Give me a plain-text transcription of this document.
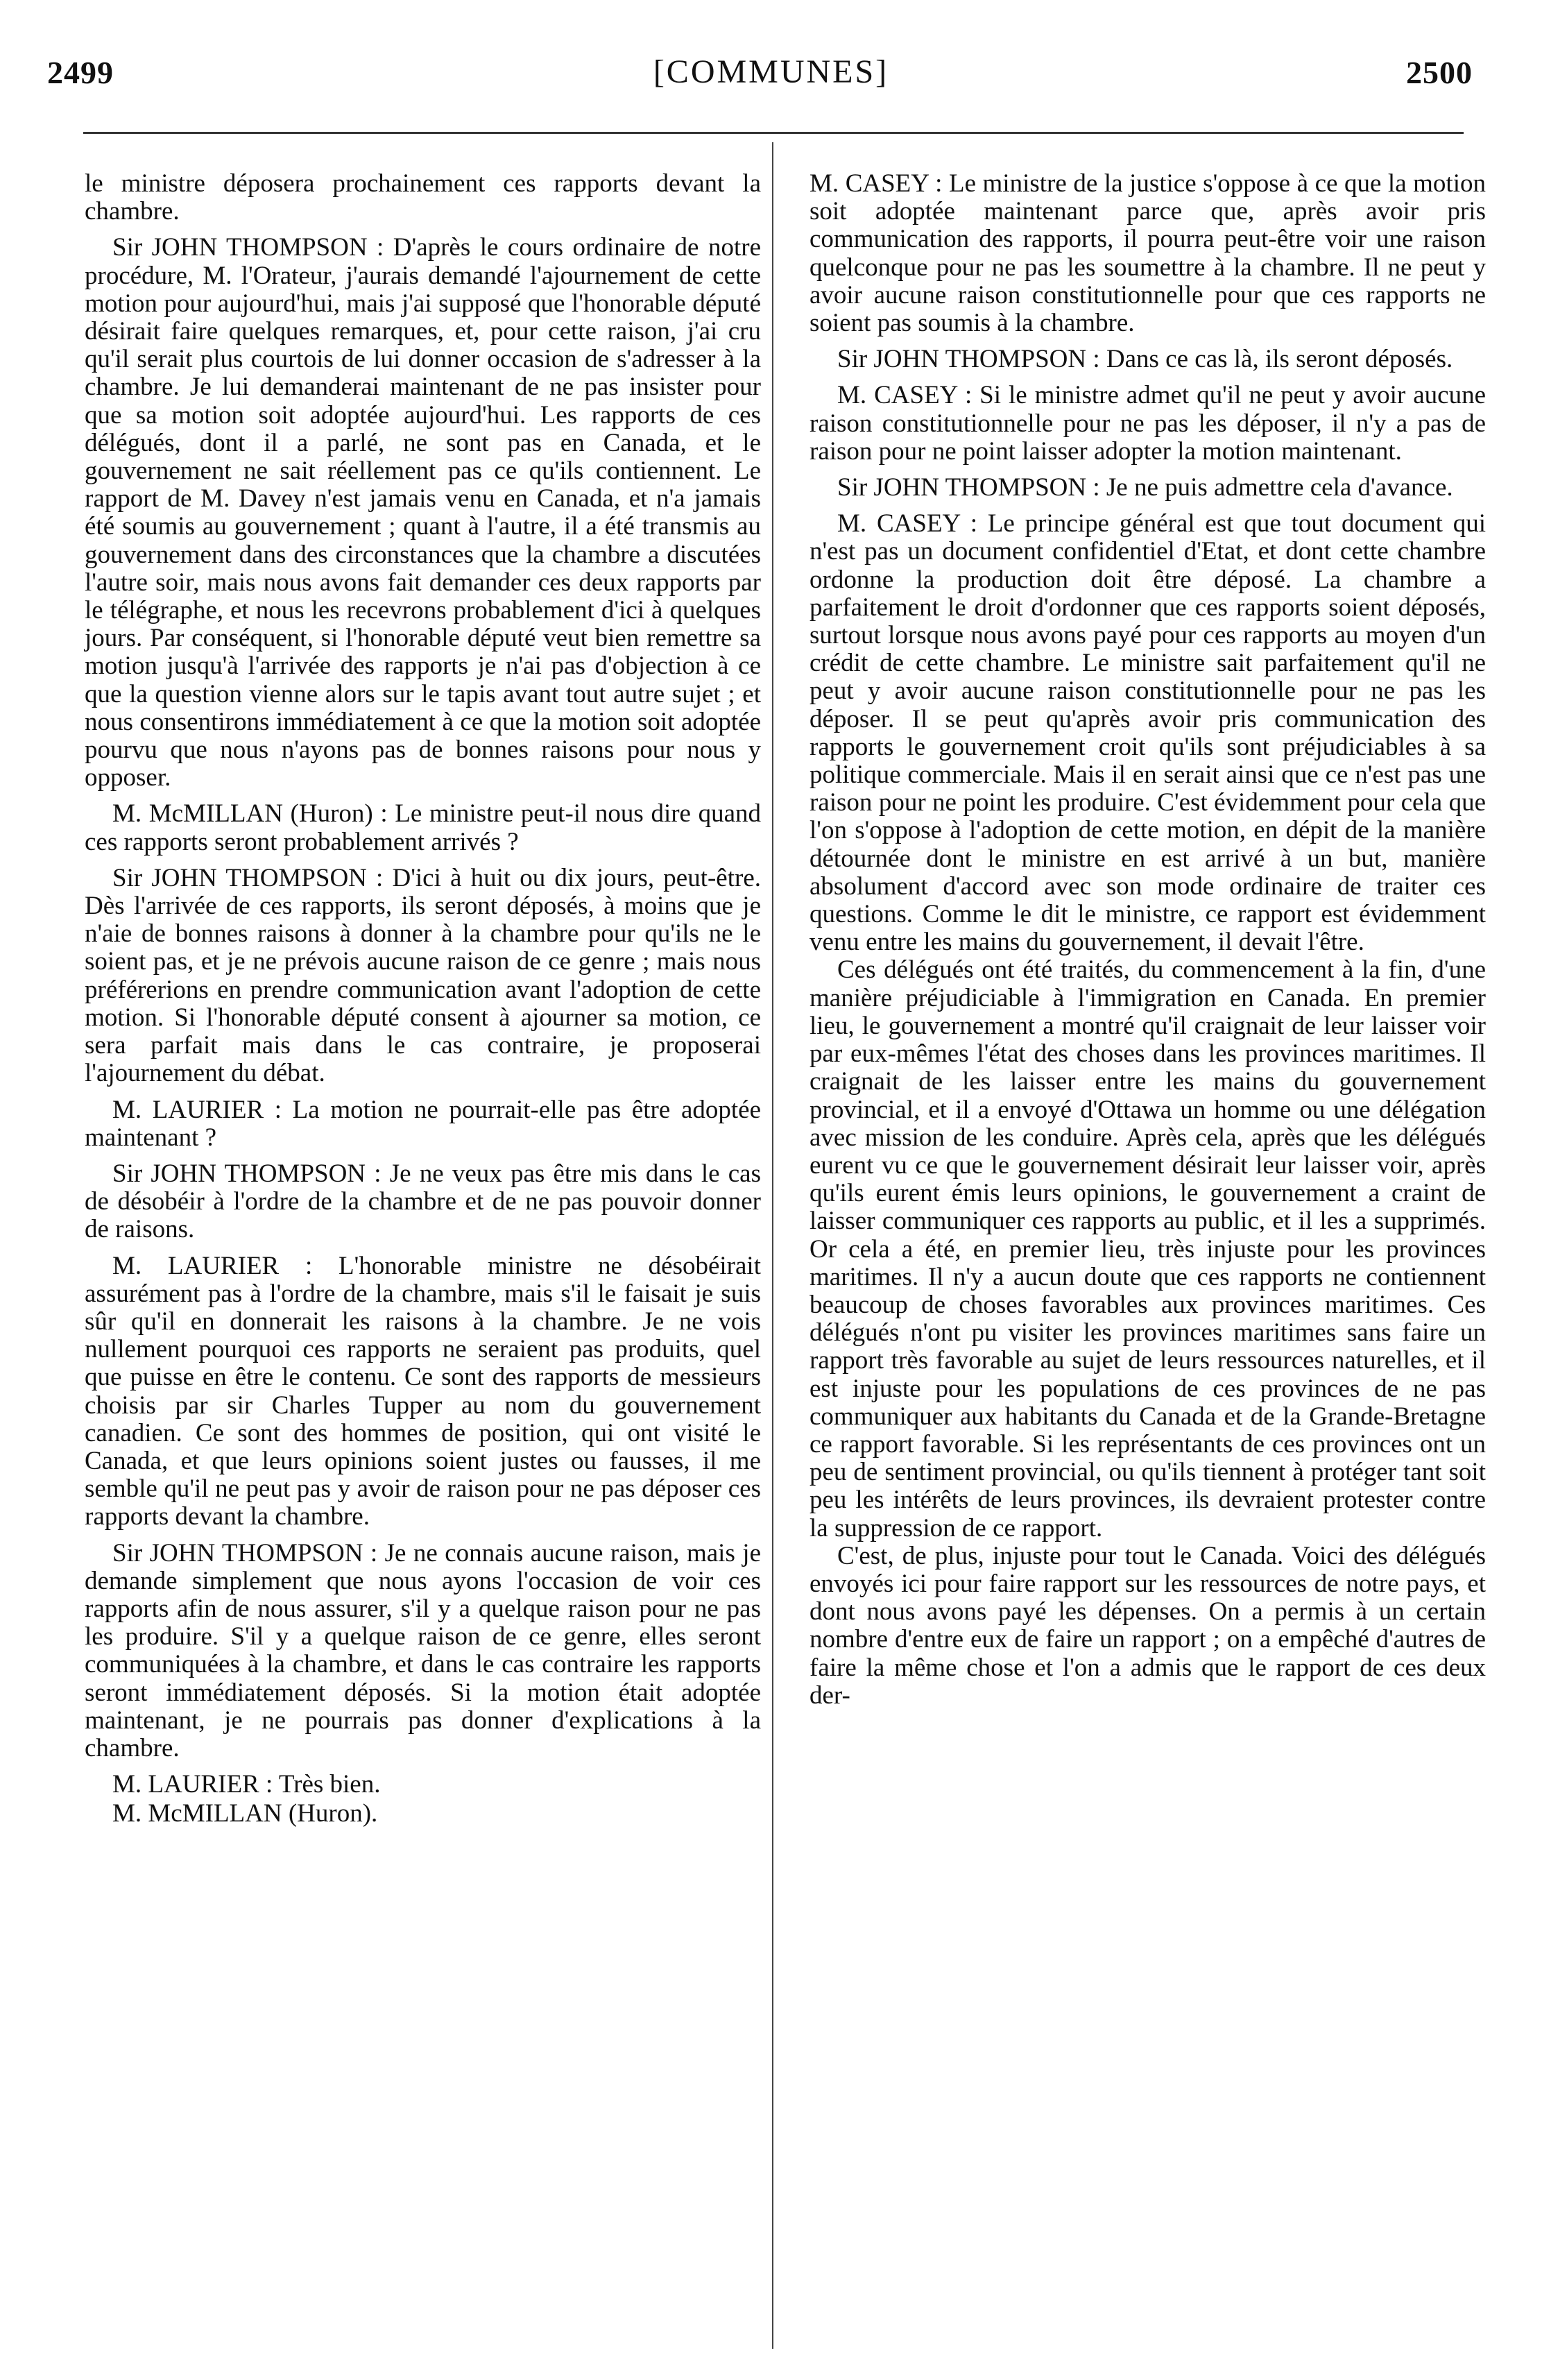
2499	[COMMUNES]	2500

le ministre déposera prochainement ces rapports devant la chambre.

Sir JOHN THOMPSON : D'après le cours ordinaire de notre procédure, M. l'Orateur, j'aurais demandé l'ajournement de cette motion pour aujourd'hui, mais j'ai supposé que l'honorable député désirait faire quelques remarques, et, pour cette raison, j'ai cru qu'il serait plus courtois de lui donner occasion de s'adresser à la chambre. Je lui demanderai maintenant de ne pas insister pour que sa motion soit adoptée aujourd'hui. Les rapports de ces délégués, dont il a parlé, ne sont pas en Canada, et le gouvernement ne sait réellement pas ce qu'ils contiennent. Le rapport de M. Davey n'est jamais venu en Canada, et n'a jamais été soumis au gouvernement ; quant à l'autre, il a été transmis au gouvernement dans des circonstances que la chambre a discutées l'autre soir, mais nous avons fait demander ces deux rapports par le télégraphe, et nous les recevrons probablement d'ici à quelques jours. Par conséquent, si l'honorable député veut bien remettre sa motion jusqu'à l'arrivée des rapports je n'ai pas d'objection à ce que la question vienne alors sur le tapis avant tout autre sujet ; et nous consentirons immédiatement à ce que la motion soit adoptée pourvu que nous n'ayons pas de bonnes raisons pour nous y opposer.

M. McMILLAN (Huron) : Le ministre peut-il nous dire quand ces rapports seront probablement arrivés ?

Sir JOHN THOMPSON : D'ici à huit ou dix jours, peut-être. Dès l'arrivée de ces rapports, ils seront déposés, à moins que je n'aie de bonnes raisons à donner à la chambre pour qu'ils ne le soient pas, et je ne prévois aucune raison de ce genre ; mais nous préférerions en prendre communication avant l'adoption de cette motion. Si l'honorable député consent à ajourner sa motion, ce sera parfait mais dans le cas contraire, je proposerai l'ajournement du débat.

M. LAURIER : La motion ne pourrait-elle pas être adoptée maintenant ?

Sir JOHN THOMPSON : Je ne veux pas être mis dans le cas de désobéir à l'ordre de la chambre et de ne pas pouvoir donner de raisons.

M. LAURIER : L'honorable ministre ne désobéirait assurément pas à l'ordre de la chambre, mais s'il le faisait je suis sûr qu'il en donnerait les raisons à la chambre. Je ne vois nullement pourquoi ces rapports ne seraient pas produits, quel que puisse en être le contenu. Ce sont des rapports de messieurs choisis par sir Charles Tupper au nom du gouvernement canadien. Ce sont des hommes de position, qui ont visité le Canada, et que leurs opinions soient justes ou fausses, il me semble qu'il ne peut pas y avoir de raison pour ne pas déposer ces rapports devant la chambre.

Sir JOHN THOMPSON : Je ne connais aucune raison, mais je demande simplement que nous ayons l'occasion de voir ces rapports afin de nous assurer, s'il y a quelque raison pour ne pas les produire. S'il y a quelque raison de ce genre, elles seront communiquées à la chambre, et dans le cas contraire les rapports seront immédiatement déposés. Si la motion était adoptée maintenant, je ne pourrais pas donner d'explications à la chambre.

M. LAURIER : Très bien.

M. McMILLAN (Huron).

M. CASEY : Le ministre de la justice s'oppose à ce que la motion soit adoptée maintenant parce que, après avoir pris communication des rapports, il pourra peut-être voir une raison quelconque pour ne pas les soumettre à la chambre. Il ne peut y avoir aucune raison constitutionnelle pour que ces rapports ne soient pas soumis à la chambre.

Sir JOHN THOMPSON : Dans ce cas là, ils seront déposés.

M. CASEY : Si le ministre admet qu'il ne peut y avoir aucune raison constitutionnelle pour ne pas les déposer, il n'y a pas de raison pour ne point laisser adopter la motion maintenant.

Sir JOHN THOMPSON : Je ne puis admettre cela d'avance.

M. CASEY : Le principe général est que tout document qui n'est pas un document confidentiel d'Etat, et dont cette chambre ordonne la production doit être déposé. La chambre a parfaitement le droit d'ordonner que ces rapports soient déposés, surtout lorsque nous avons payé pour ces rapports au moyen d'un crédit de cette chambre. Le ministre sait parfaitement qu'il ne peut y avoir aucune raison constitutionnelle pour ne pas les déposer. Il se peut qu'après avoir pris communication des rapports le gouvernement croit qu'ils sont préjudiciables à sa politique commerciale. Mais il en serait ainsi que ce n'est pas une raison pour ne point les produire. C'est évidemment pour cela que l'on s'oppose à l'adoption de cette motion, en dépit de la manière détournée dont le ministre en est arrivé à un but, manière absolument d'accord avec son mode ordinaire de traiter ces questions. Comme le dit le ministre, ce rapport est évidemment venu entre les mains du gouvernement, il devait l'être.

Ces délégués ont été traités, du commencement à la fin, d'une manière préjudiciable à l'immigration en Canada. En premier lieu, le gouvernement a montré qu'il craignait de leur laisser voir par eux-mêmes l'état des choses dans les provinces maritimes. Il craignait de les laisser entre les mains du gouvernement provincial, et il a envoyé d'Ottawa un homme ou une délégation avec mission de les conduire. Après cela, après que les délégués eurent vu ce que le gouvernement désirait leur laisser voir, après qu'ils eurent émis leurs opinions, le gouvernement a craint de laisser communiquer ces rapports au public, et il les a supprimés. Or cela a été, en premier lieu, très injuste pour les provinces maritimes. Il n'y a aucun doute que ces rapports ne contiennent beaucoup de choses favorables aux provinces maritimes. Ces délégués n'ont pu visiter les provinces maritimes sans faire un rapport très favorable au sujet de leurs ressources naturelles, et il est injuste pour les populations de ces provinces de ne pas communiquer aux habitants du Canada et de la Grande-Bretagne ce rapport favorable. Si les représentants de ces provinces ont un peu de sentiment provincial, ou qu'ils tiennent à protéger tant soit peu les intérêts de leurs provinces, ils devraient protester contre la suppression de ce rapport.

C'est, de plus, injuste pour tout le Canada. Voici des délégués envoyés ici pour faire rapport sur les ressources de notre pays, et dont nous avons payé les dépenses. On a permis à un certain nombre d'entre eux de faire un rapport ; on a empêché d'autres de faire la même chose et l'on a admis que le rapport de ces deux der-
